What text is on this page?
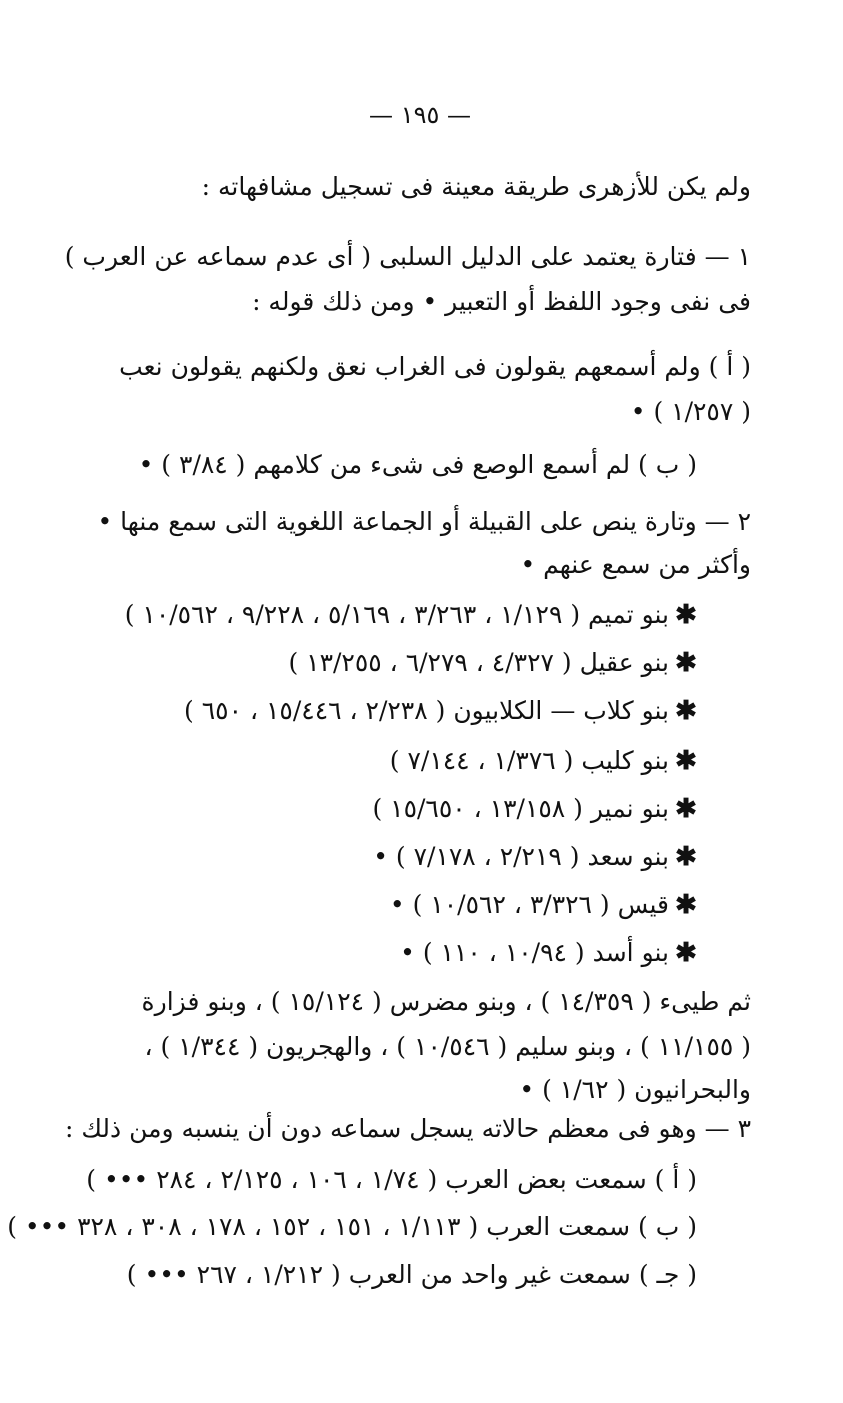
— ١٩٥ —
ولم يكن للأزهرى طريقة معينة فى تسجيل مشافهاته :
١ — فتارة يعتمد على الدليل السلبى ( أى عدم سماعه عن العرب )
فى نفى وجود اللفظ أو التعبير • ومن ذلك قوله :
( أ ) ولم أسمعهم يقولون فى الغراب نعق ولكنهم يقولون نعب
( ١/٢٥٧ ) •
( ب ) لم أسمع الوصع فى شىء من كلامهم ( ٣/٨٤ ) •
٢ — وتارة ينص على القبيلة أو الجماعة اللغوية التى سمع منها •
وأكثر من سمع عنهم •
✱بنو تميم ( ١/١٢٩ ، ٣/٢٦٣ ، ٥/١٦٩ ، ٩/٢٢٨ ، ١٠/٥٦٢ )
✱بنو عقيل ( ٤/٣٢٧ ، ٦/٢٧٩ ، ١٣/٢٥٥ )
✱بنو كلاب — الكلابيون ( ٢/٢٣٨ ، ١٥/٤٤٦ ، ٦٥٠ )
✱بنو كليب ( ١/٣٧٦ ، ٧/١٤٤ )
✱بنو نمير ( ١٣/١٥٨ ، ١٥/٦٥٠ )
✱بنو سعد ( ٢/٢١٩ ، ٧/١٧٨ ) •
✱قيس ( ٣/٣٢٦ ، ١٠/٥٦٢ ) •
✱بنو أسد ( ١٠/٩٤ ، ١١٠ ) •
ثم طيىء ( ١٤/٣٥٩ ) ، وبنو مضرس ( ١٥/١٢٤ ) ، وبنو فزارة
( ١١/١٥٥ ) ، وبنو سليم ( ١٠/٥٤٦ ) ، والهجريون ( ١/٣٤٤ ) ،
والبحرانيون ( ١/٦٢ ) •
٣ — وهو فى معظم حالاته يسجل سماعه دون أن ينسبه ومن ذلك :
( أ ) سمعت بعض العرب ( ١/٧٤ ، ١٠٦ ، ٢/١٢٥ ، ٢٨٤ ••• )
( ب ) سمعت العرب ( ١/١١٣ ، ١٥١ ، ١٥٢ ، ١٧٨ ، ٣٠٨ ، ٣٢٨ ••• )
( جـ ) سمعت غير واحد من العرب ( ١/٢١٢ ، ٢٦٧ ••• )
